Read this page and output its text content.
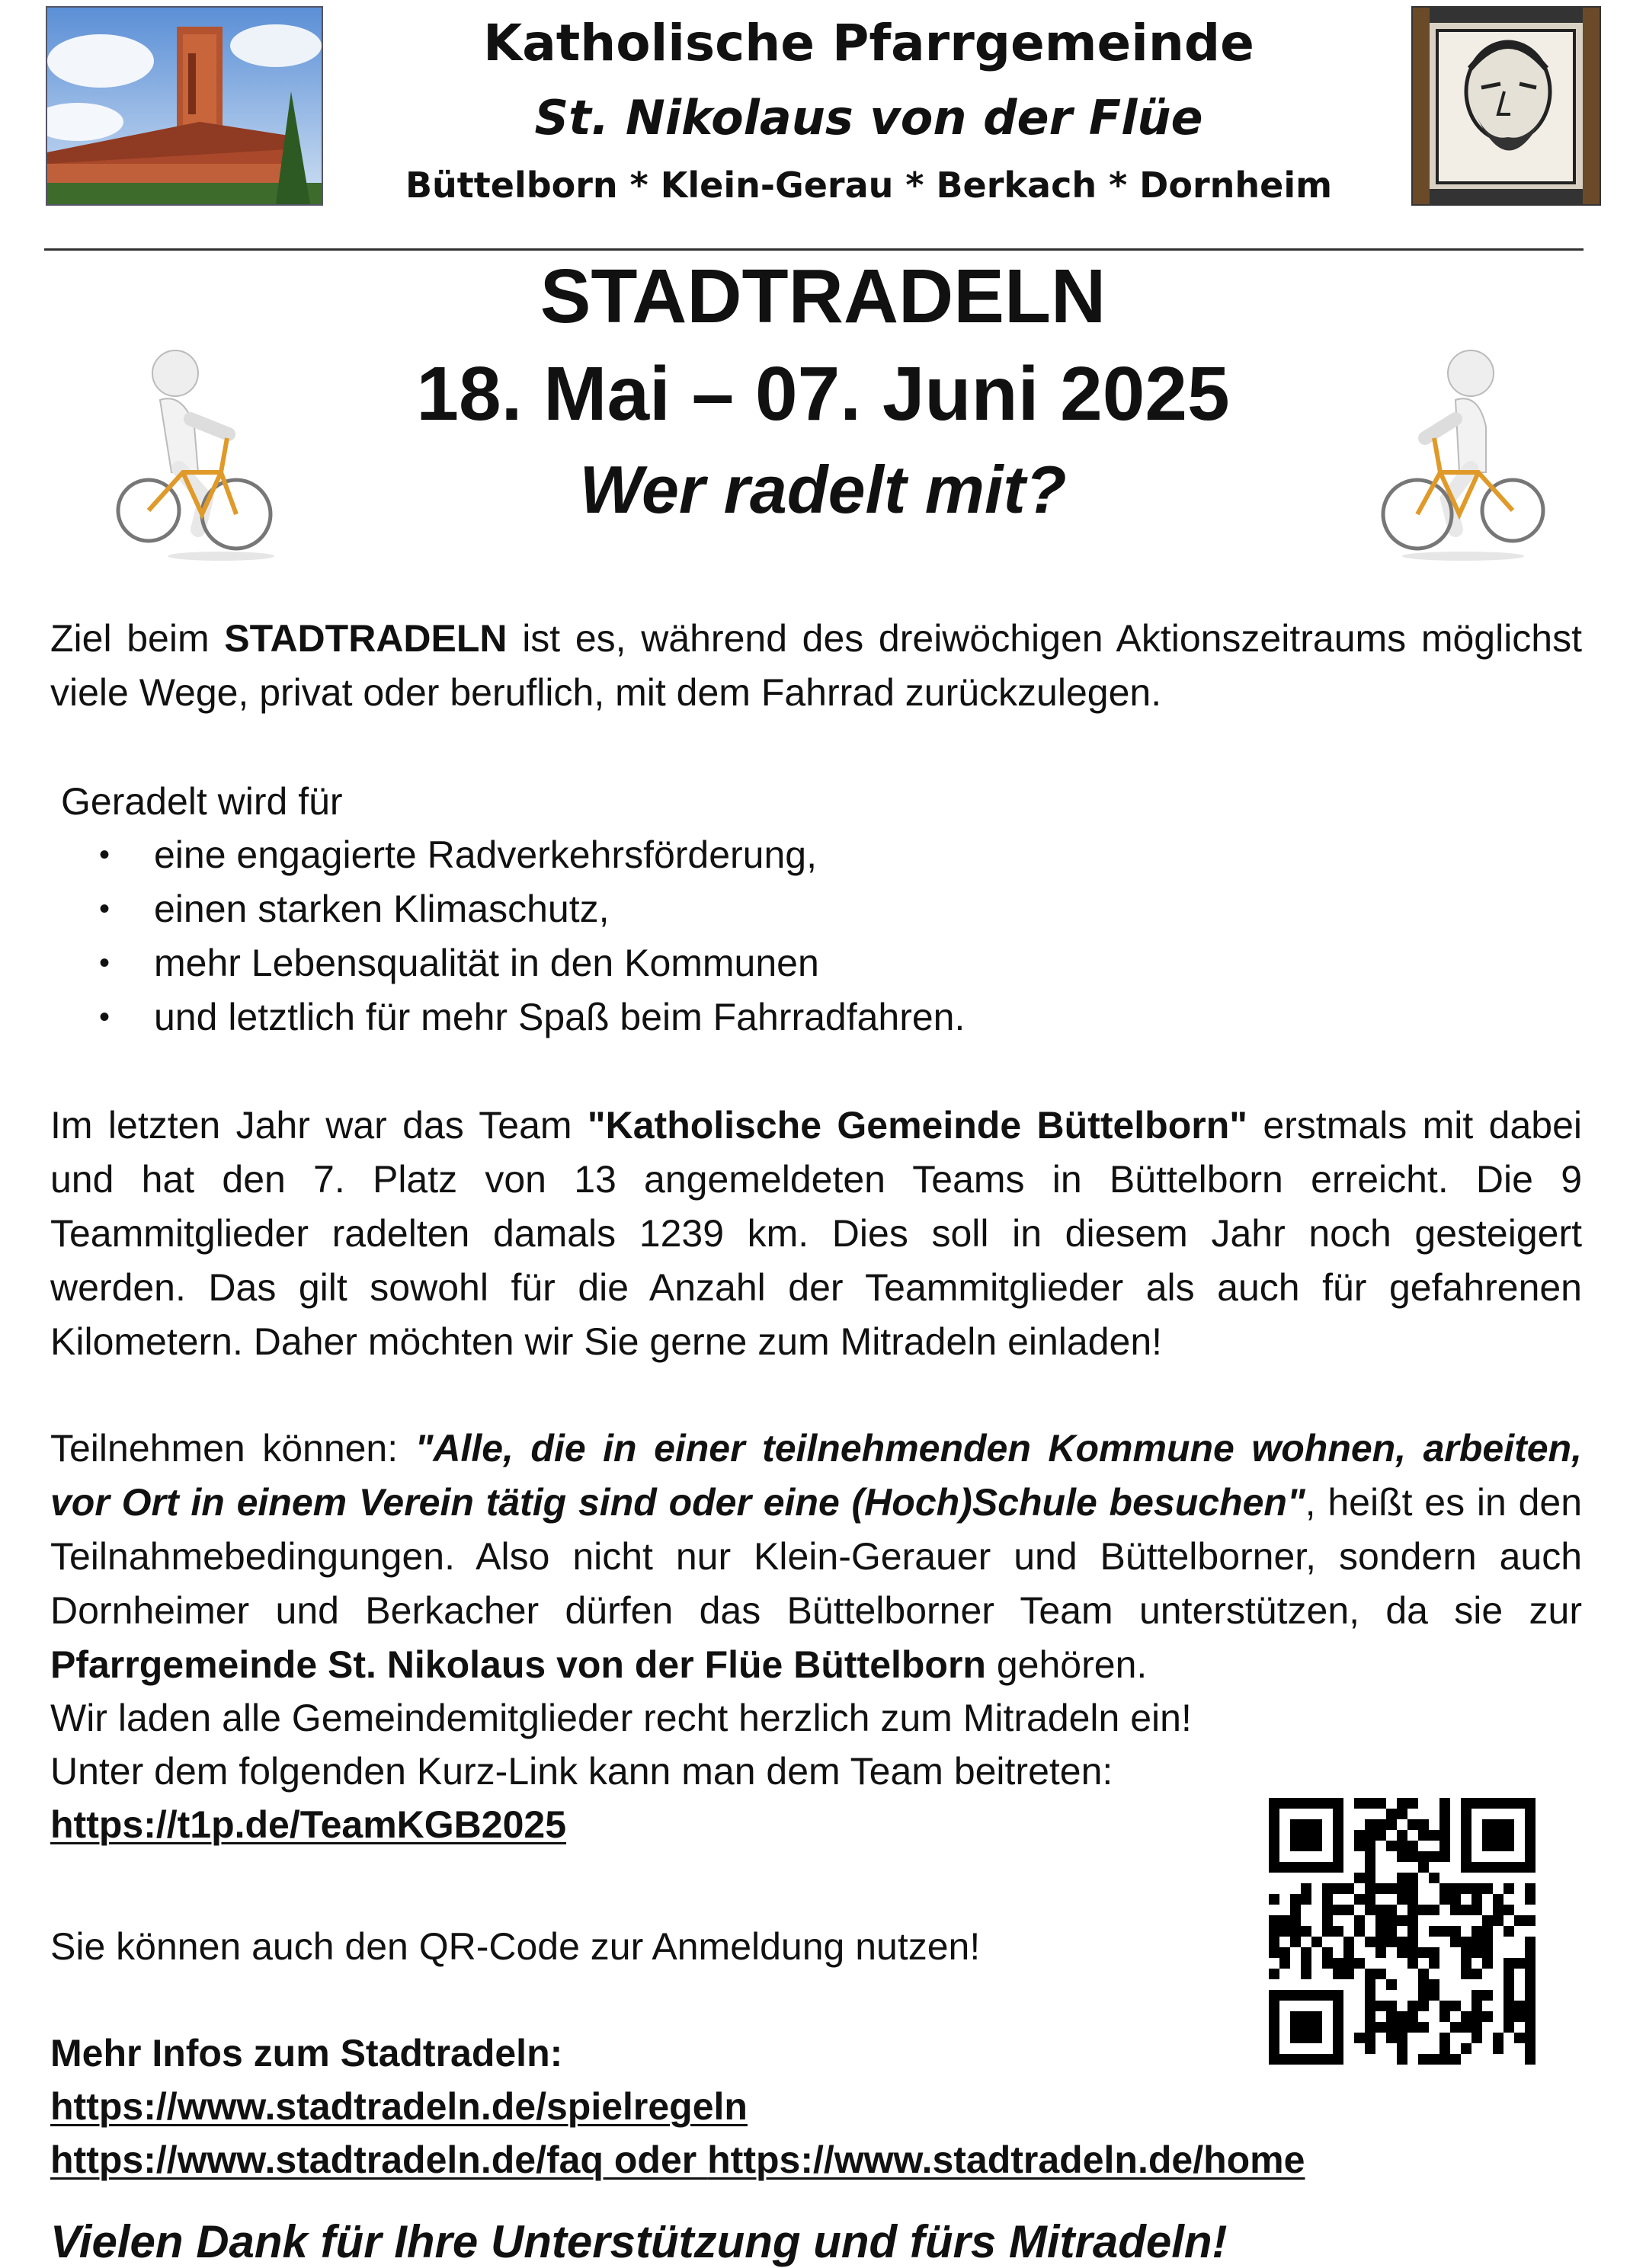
Katholische Pfarrgemeinde
St. Nikolaus von der Flüe
Büttelborn * Klein-Gerau * Berkach * Dornheim
STADTRADELN
18. Mai – 07. Juni 2025
Wer radelt mit?
Ziel beim STADTRADELN ist es, während des dreiwöchigen Aktionszeitraums möglichst viele Wege, privat oder beruflich, mit dem Fahrrad zurückzulegen.
Geradelt wird für
• eine engagierte Radverkehrsförderung,
• einen starken Klimaschutz,
• mehr Lebensqualität in den Kommunen
• und letztlich für mehr Spaß beim Fahrradfahren.
Im letzten Jahr war das Team "Katholische Gemeinde Büttelborn" erstmals mit dabei und hat den 7. Platz von 13 angemeldeten Teams in Büttelborn erreicht. Die 9 Teammitglieder radelten damals 1239 km. Dies soll in diesem Jahr noch gesteigert werden. Das gilt sowohl für die Anzahl der Teammitglieder als auch für gefahrenen Kilometern. Daher möchten wir Sie gerne zum Mitradeln einladen!
Teilnehmen können: "Alle, die in einer teilnehmenden Kommune wohnen, arbeiten, vor Ort in einem Verein tätig sind oder eine (Hoch)Schule besuchen", heißt es in den Teilnahmebedingungen. Also nicht nur Klein-Gerauer und Büttelborner, sondern auch Dornheimer und Berkacher dürfen das Büttelborner Team unterstützen, da sie zur Pfarrgemeinde St. Nikolaus von der Flüe Büttelborn gehören.
Wir laden alle Gemeindemitglieder recht herzlich zum Mitradeln ein!
Unter dem folgenden Kurz-Link kann man dem Team beitreten:
https://t1p.de/TeamKGB2025
Sie können auch den QR-Code zur Anmeldung nutzen!
Mehr Infos zum Stadtradeln:
https://www.stadtradeln.de/spielregeln
https://www.stadtradeln.de/faq oder https://www.stadtradeln.de/home
Vielen Dank für Ihre Unterstützung und fürs Mitradeln!
